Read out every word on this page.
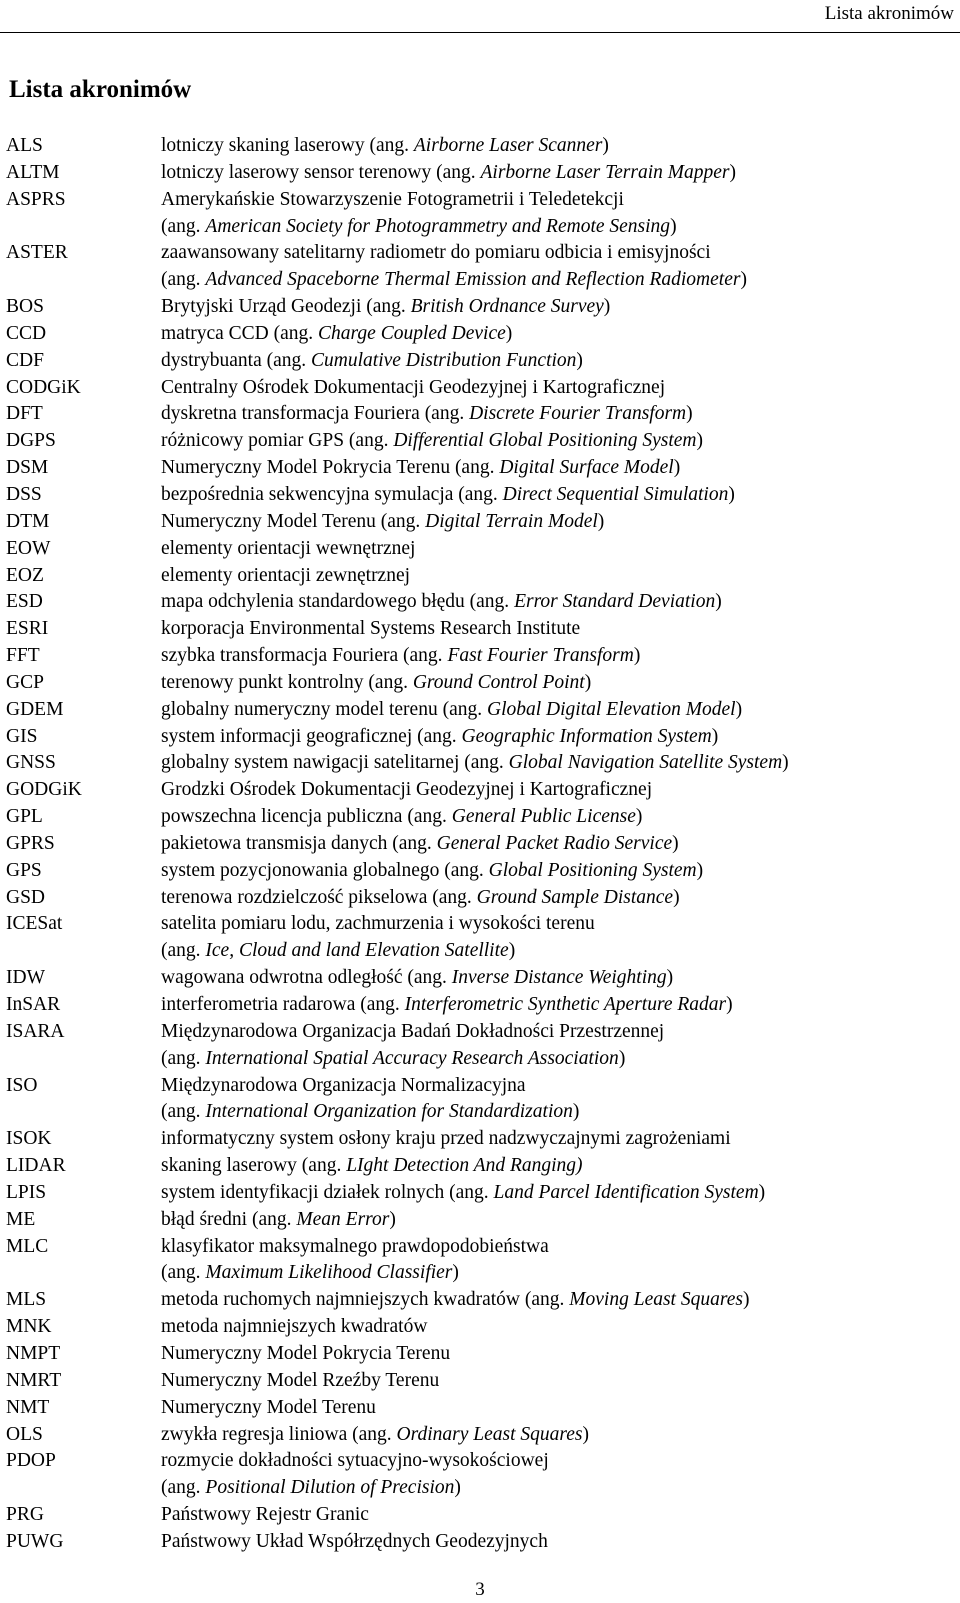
Lista akronimów
Lista akronimów
ALS	lotniczy skaning laserowy (ang. Airborne Laser Scanner)
ALTM	lotniczy laserowy sensor terenowy (ang. Airborne Laser Terrain Mapper)
ASPRS	Amerykańskie Stowarzyszenie Fotogrametrii i Teledetekcji
(ang. American Society for Photogrammetry and Remote Sensing)
ASTER	zaawansowany satelitarny radiometr do pomiaru odbicia i emisyjności
(ang. Advanced Spaceborne Thermal Emission and Reflection Radiometer)
BOS	Brytyjski Urząd Geodezji (ang. British Ordnance Survey)
CCD	matryca CCD (ang. Charge Coupled Device)
CDF	dystrybuanta (ang. Cumulative Distribution Function)
CODGiK	Centralny Ośrodek Dokumentacji Geodezyjnej i Kartograficznej
DFT	dyskretna transformacja Fouriera (ang. Discrete Fourier Transform)
DGPS	różnicowy pomiar GPS (ang. Differential Global Positioning System)
DSM	Numeryczny Model Pokrycia Terenu (ang. Digital Surface Model)
DSS	bezpośrednia sekwencyjna symulacja (ang. Direct Sequential Simulation)
DTM	Numeryczny Model Terenu (ang. Digital Terrain Model)
EOW	elementy orientacji wewnętrznej
EOZ	elementy orientacji zewnętrznej
ESD	mapa odchylenia standardowego błędu (ang. Error Standard Deviation)
ESRI	korporacja Environmental Systems Research Institute
FFT	szybka transformacja Fouriera (ang. Fast Fourier Transform)
GCP	terenowy punkt kontrolny (ang. Ground Control Point)
GDEM	globalny numeryczny model terenu (ang. Global Digital Elevation Model)
GIS	system informacji geograficznej (ang. Geographic Information System)
GNSS	globalny system nawigacji satelitarnej (ang. Global Navigation Satellite System)
GODGiK	Grodzki Ośrodek Dokumentacji Geodezyjnej i Kartograficznej
GPL	powszechna licencja publiczna (ang. General Public License)
GPRS	pakietowa transmisja danych (ang. General Packet Radio Service)
GPS	system pozycjonowania globalnego (ang. Global Positioning System)
GSD	terenowa rozdzielczość pikselowa (ang. Ground Sample Distance)
ICESat	satelita pomiaru lodu, zachmurzenia i wysokości terenu
(ang. Ice, Cloud and land Elevation Satellite)
IDW	wagowana odwrotna odległość (ang. Inverse Distance Weighting)
InSAR	interferometria radarowa (ang. Interferometric Synthetic Aperture Radar)
ISARA	Międzynarodowa Organizacja Badań Dokładności Przestrzennej
(ang. International Spatial Accuracy Research Association)
ISO	Międzynarodowa Organizacja Normalizacyjna
(ang. International Organization for Standardization)
ISOK	informatyczny system osłony kraju przed nadzwyczajnymi zagrożeniami
LIDAR	skaning laserowy (ang. LIght Detection And Ranging)
LPIS	system identyfikacji działek rolnych (ang. Land Parcel Identification System)
ME	błąd średni (ang. Mean Error)
MLC	klasyfikator maksymalnego prawdopodobieństwa
(ang. Maximum Likelihood Classifier)
MLS	metoda ruchomych najmniejszych kwadratów (ang. Moving Least Squares)
MNK	metoda najmniejszych kwadratów
NMPT	Numeryczny Model Pokrycia Terenu
NMRT	Numeryczny Model Rzeźby Terenu
NMT	Numeryczny Model Terenu
OLS	zwykła regresja liniowa (ang. Ordinary Least Squares)
PDOP	rozmycie dokładności sytuacyjno-wysokościowej
(ang. Positional Dilution of Precision)
PRG	Państwowy Rejestr Granic
PUWG	Państwowy Układ Współrzędnych Geodezyjnych
3
